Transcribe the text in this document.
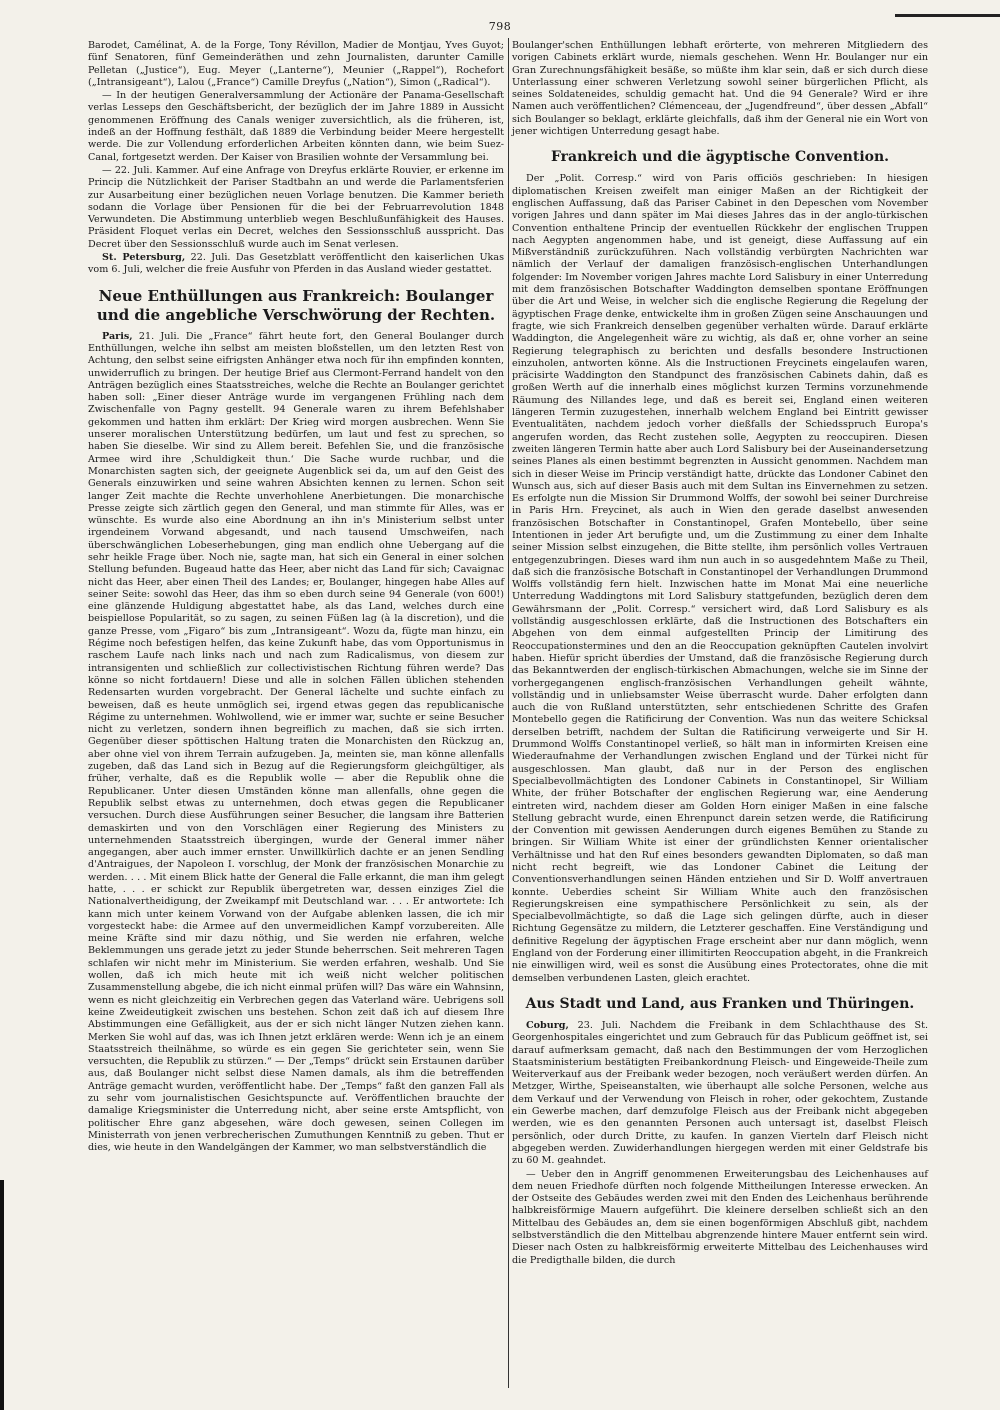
798

Barodet, Camélinat, A. de la Forge, Tony Révillon, Madier de Montjau, Yves Guyot; fünf Senatoren, fünf Gemeinderäthen und zehn Journalisten, darunter Camille Pelletan („Justice“), Eug. Meyer („Lanterne“), Meunier („Rappel“), Rochefort („Intransigeant“), Lalou („France“) Camille Dreyfus („Nation“), Simon („Radical“).

— In der heutigen Generalversammlung der Actionäre der Panama-Gesellschaft verlas Lesseps den Geschäftsbericht, der bezüglich der im Jahre 1889 in Aussicht genommenen Eröffnung des Canals weniger zuversichtlich, als die früheren, ist, indeß an der Hoffnung festhält, daß 1889 die Verbindung beider Meere hergestellt werde. Die zur Vollendung erforderlichen Arbeiten könnten dann, wie beim Suez-Canal, fortgesetzt werden. Der Kaiser von Brasilien wohnte der Versammlung bei.

— 22. Juli. Kammer. Auf eine Anfrage von Dreyfus erklärte Rouvier, er erkenne im Princip die Nützlichkeit der Pariser Stadtbahn an und werde die Parlamentsferien zur Ausarbeitung einer bezüglichen neuen Vorlage benutzen. Die Kammer berieth sodann die Vorlage über Pensionen für die bei der Februarrevolution 1848 Verwundeten. Die Abstimmung unterblieb wegen Beschlußunfähigkeit des Hauses. Präsident Floquet verlas ein Decret, welches den Sessionsschluß ausspricht. Das Decret über den Sessionsschluß wurde auch im Senat verlesen.

St. Petersburg, 22. Juli. Das Gesetzblatt veröffentlicht den kaiserlichen Ukas vom 6. Juli, welcher die freie Ausfuhr von Pferden in das Ausland wieder gestattet.

Neue Enthüllungen aus Frankreich: Boulanger und die angebliche Verschwörung der Rechten.

Paris, 21. Juli. Die „France“ fährt heute fort, den General Boulanger durch Enthüllungen, welche ihn selbst am meisten bloßstellen, um den letzten Rest von Achtung, den selbst seine eifrigsten Anhänger etwa noch für ihn empfinden konnten, unwiderruflich zu bringen. Der heutige Brief aus Clermont-Ferrand handelt von den Anträgen bezüglich eines Staatsstreiches, welche die Rechte an Boulanger gerichtet haben soll: „Einer dieser Anträge wurde im vergangenen Frühling nach dem Zwischenfalle von Pagny gestellt. 94 Generale waren zu ihrem Befehlshaber gekommen und hatten ihm erklärt: Der Krieg wird morgen ausbrechen. Wenn Sie unserer moralischen Unterstützung bedürfen, um laut und fest zu sprechen, so haben Sie dieselbe. Wir sind zu Allem bereit. Befehlen Sie, und die französische Armee wird ihre ‚Schuldigkeit thun.‘ Die Sache wurde ruchbar, und die Monarchisten sagten sich, der geeignete Augenblick sei da, um auf den Geist des Generals einzuwirken und seine wahren Absichten kennen zu lernen. Schon seit langer Zeit machte die Rechte unverhohlene Anerbietungen. Die monarchische Presse zeigte sich zärtlich gegen den General, und man stimmte für Alles, was er wünschte. Es wurde also eine Abordnung an ihn in's Ministerium selbst unter irgendeinem Vorwand abgesandt, und nach tausend Umschweifen, nach überschwänglichen Lobeserhebungen, ging man endlich ohne Uebergang auf die sehr heikle Frage über. Noch nie, sagte man, hat sich ein General in einer solchen Stellung befunden. Bugeaud hatte das Heer, aber nicht das Land für sich; Cavaignac nicht das Heer, aber einen Theil des Landes; er, Boulanger, hingegen habe Alles auf seiner Seite: sowohl das Heer, das ihm so eben durch seine 94 Generale (von 600!) eine glänzende Huldigung abgestattet habe, als das Land, welches durch eine beispiellose Popularität, so zu sagen, zu seinen Füßen lag (à la discretion), und die ganze Presse, vom „Figaro“ bis zum „Intransigeant“. Wozu da, fügte man hinzu, ein Régime noch befestigen helfen, das keine Zukunft habe, das vom Opportunismus in raschem Laufe nach links nach und nach zum Radicalismus, von diesem zur intransigenten und schließlich zur collectivistischen Richtung führen werde? Das könne so nicht fortdauern! Diese und alle in solchen Fällen üblichen stehenden Redensarten wurden vorgebracht. Der General lächelte und suchte einfach zu beweisen, daß es heute unmöglich sei, irgend etwas gegen das republicanische Régime zu unternehmen. Wohlwollend, wie er immer war, suchte er seine Besucher nicht zu verletzen, sondern ihnen begreiflich zu machen, daß sie sich irrten. Gegenüber dieser spöttischen Haltung traten die Monarchisten den Rückzug an, aber ohne viel von ihrem Terrain aufzugeben. Ja, meinten sie, man könne allenfalls zugeben, daß das Land sich in Bezug auf die Regierungsform gleichgültiger, als früher, verhalte, daß es die Republik wolle — aber die Republik ohne die Republicaner. Unter diesen Umständen könne man allenfalls, ohne gegen die Republik selbst etwas zu unternehmen, doch etwas gegen die Republicaner versuchen. Durch diese Ausführungen seiner Besucher, die langsam ihre Batterien demaskirten und von den Vorschlägen einer Regierung des Ministers zu unternehmenden Staatsstreich übergingen, wurde der General immer näher angegangen, aber auch immer ernster. Unwillkürlich dachte er an jenen Sendling d'Antraigues, der Napoleon I. vorschlug, der Monk der französischen Monarchie zu werden. . . . Mit einem Blick hatte der General die Falle erkannt, die man ihm gelegt hatte, . . . er schickt zur Republik übergetreten war, dessen einziges Ziel die Nationalvertheidigung, der Zweikampf mit Deutschland war. . . . Er antwortete: Ich kann mich unter keinem Vorwand von der Aufgabe ablenken lassen, die ich mir vorgesteckt habe: die Armee auf den unvermeidlichen Kampf vorzubereiten. Alle meine Kräfte sind mir dazu nöthig, und Sie werden nie erfahren, welche Beklemmungen uns gerade jetzt zu jeder Stunde beherrschen. Seit mehreren Tagen schlafen wir nicht mehr im Ministerium. Sie werden erfahren, weshalb. Und Sie wollen, daß ich mich heute mit ich weiß nicht welcher politischen Zusammenstellung abgebe, die ich nicht einmal prüfen will? Das wäre ein Wahnsinn, wenn es nicht gleichzeitig ein Verbrechen gegen das Vaterland wäre. Uebrigens soll keine Zweideutigkeit zwischen uns bestehen. Schon zeit daß ich auf diesem Ihre Abstimmungen eine Gefälligkeit, aus der er sich nicht länger Nutzen ziehen kann. Merken Sie wohl auf das, was ich Ihnen jetzt erklären werde: Wenn ich je an einem Staatsstreich theilnähme, so würde es ein gegen Sie gerichteter sein, wenn Sie versuchten, die Republik zu stürzen.“ — Der „Temps“ drückt sein Erstaunen darüber aus, daß Boulanger nicht selbst diese Namen damals, als ihm die betreffenden Anträge gemacht wurden, veröffentlicht habe. Der „Temps“ faßt den ganzen Fall als zu sehr vom journalistischen Gesichtspuncte auf. Veröffentlichen brauchte der damalige Kriegsminister die Unterredung nicht, aber seine erste Amtspflicht, von politischer Ehre ganz abgesehen, wäre doch gewesen, seinen Collegen im Ministerrath von jenen verbrecherischen Zumuthungen Kenntniß zu geben. Thut er dies, wie heute in den Wandelgängen der Kammer, wo man selbstverständlich die

Boulanger'schen Enthüllungen lebhaft erörterte, von mehreren Mitgliedern des vorigen Cabinets erklärt wurde, niemals geschehen. Wenn Hr. Boulanger nur ein Gran Zurechnungsfähigkeit besäße, so müßte ihm klar sein, daß er sich durch diese Unterlassung einer schweren Verletzung sowohl seiner bürgerlichen Pflicht, als seines Soldateneides, schuldig gemacht hat. Und die 94 Generale? Wird er ihre Namen auch veröffentlichen? Clémenceau, der „Jugendfreund“, über dessen „Abfall“ sich Boulanger so beklagt, erklärte gleichfalls, daß ihm der General nie ein Wort von jener wichtigen Unterredung gesagt habe.

Frankreich und die ägyptische Convention.

Der „Polit. Corresp.“ wird von Paris officiös geschrieben: In hiesigen diplomatischen Kreisen zweifelt man einiger Maßen an der Richtigkeit der englischen Auffassung, daß das Pariser Cabinet in den Depeschen vom November vorigen Jahres und dann später im Mai dieses Jahres das in der anglo-türkischen Convention enthaltene Princip der eventuellen Rückkehr der englischen Truppen nach Aegypten angenommen habe, und ist geneigt, diese Auffassung auf ein Mißverständniß zurückzuführen. Nach vollständig verbürgten Nachrichten war nämlich der Verlauf der damaligen französisch-englischen Unterhandlungen folgender: Im November vorigen Jahres machte Lord Salisbury in einer Unterredung mit dem französischen Botschafter Waddington demselben spontane Eröffnungen über die Art und Weise, in welcher sich die englische Regierung die Regelung der ägyptischen Frage denke, entwickelte ihm in großen Zügen seine Anschauungen und fragte, wie sich Frankreich denselben gegenüber verhalten würde. Darauf erklärte Waddington, die Angelegenheit wäre zu wichtig, als daß er, ohne vorher an seine Regierung telegraphisch zu berichten und desfalls besondere Instructionen einzuholen, antworten könne. Als die Instructionen Freycinets eingelaufen waren, präcisirte Waddington den Standpunct des französischen Cabinets dahin, daß es großen Werth auf die innerhalb eines möglichst kurzen Termins vorzunehmende Räumung des Nillandes lege, und daß es bereit sei, England einen weiteren längeren Termin zuzugestehen, innerhalb welchem England bei Eintritt gewisser Eventualitäten, nachdem jedoch vorher dießfalls der Schiedsspruch Europa's angerufen worden, das Recht zustehen solle, Aegypten zu reoccupiren. Diesen zweiten längeren Termin hatte aber auch Lord Salisbury bei der Auseinandersetzung seines Planes als einen bestimmt begrenzten in Aussicht genommen. Nachdem man sich in dieser Weise im Princip verständigt hatte, drückte das Londoner Cabinet den Wunsch aus, sich auf dieser Basis auch mit dem Sultan ins Einvernehmen zu setzen. Es erfolgte nun die Mission Sir Drummond Wolffs, der sowohl bei seiner Durchreise in Paris Hrn. Freycinet, als auch in Wien den gerade daselbst anwesenden französischen Botschafter in Constantinopel, Grafen Montebello, über seine Intentionen in jeder Art berufigte und, um die Zustimmung zu einer dem Inhalte seiner Mission selbst einzugehen, die Bitte stellte, ihm persönlich volles Vertrauen entgegenzubringen. Dieses ward ihm nun auch in so ausgedehntem Maße zu Theil, daß sich die französische Botschaft in Constantinopel der Verhandlungen Drummond Wolffs vollständig fern hielt. Inzwischen hatte im Monat Mai eine neuerliche Unterredung Waddingtons mit Lord Salisbury stattgefunden, bezüglich deren dem Gewährsmann der „Polit. Corresp.“ versichert wird, daß Lord Salisbury es als vollständig ausgeschlossen erklärte, daß die Instructionen des Botschafters ein Abgehen von dem einmal aufgestellten Princip der Limitirung des Reoccupationstermines und den an die Reoccupation geknüpften Cautelen involvirt haben. Hiefür spricht überdies der Umstand, daß die französische Regierung durch das Bekanntwerden der englisch-türkischen Abmachungen, welche sie im Sinne der vorhergegangenen englisch-französischen Verhandlungen geheilt wähnte, vollständig und in unliebsamster Weise überrascht wurde. Daher erfolgten dann auch die von Rußland unterstützten, sehr entschiedenen Schritte des Grafen Montebello gegen die Ratificirung der Convention. Was nun das weitere Schicksal derselben betrifft, nachdem der Sultan die Ratificirung verweigerte und Sir H. Drummond Wolffs Constantinopel verließ, so hält man in informirten Kreisen eine Wiederaufnahme der Verhandlungen zwischen England und der Türkei nicht für ausgeschlossen. Man glaubt, daß nur in der Person des englischen Specialbevollmächtigten des Londoner Cabinets in Constantinopel, Sir William White, der früher Botschafter der englischen Regierung war, eine Aenderung eintreten wird, nachdem dieser am Golden Horn einiger Maßen in eine falsche Stellung gebracht wurde, einen Ehrenpunct darein setzen werde, die Ratificirung der Convention mit gewissen Aenderungen durch eigenes Bemühen zu Stande zu bringen. Sir William White ist einer der gründlichsten Kenner orientalischer Verhältnisse und hat den Ruf eines besonders gewandten Diplomaten, so daß man nicht recht begreift, wie das Londoner Cabinet die Leitung der Conventionsverhandlungen seinen Händen entziehen und Sir D. Wolff anvertrauen konnte. Ueberdies scheint Sir William White auch den französischen Regierungskreisen eine sympathischere Persönlichkeit zu sein, als der Specialbevollmächtigte, so daß die Lage sich gelingen dürfte, auch in dieser Richtung Gegensätze zu mildern, die Letzterer geschaffen. Eine Verständigung und definitive Regelung der ägyptischen Frage erscheint aber nur dann möglich, wenn England von der Forderung einer illimitirten Reoccupation abgeht, in die Frankreich nie einwilligen wird, weil es sonst die Ausübung eines Protectorates, ohne die mit demselben verbundenen Lasten, gleich erachtet.

Aus Stadt und Land, aus Franken und Thüringen.

Coburg, 23. Juli. Nachdem die Freibank in dem Schlachthause des St. Georgenhospitales eingerichtet und zum Gebrauch für das Publicum geöffnet ist, sei darauf aufmerksam gemacht, daß nach den Bestimmungen der vom Herzoglichen Staatsministerium bestätigten Freibankordnung Fleisch- und Eingeweide-Theile zum Weiterverkauf aus der Freibank weder bezogen, noch veräußert werden dürfen. An Metzger, Wirthe, Speiseanstalten, wie überhaupt alle solche Personen, welche aus dem Verkauf und der Verwendung von Fleisch in roher, oder gekochtem, Zustande ein Gewerbe machen, darf demzufolge Fleisch aus der Freibank nicht abgegeben werden, wie es den genannten Personen auch untersagt ist, daselbst Fleisch persönlich, oder durch Dritte, zu kaufen. In ganzen Vierteln darf Fleisch nicht abgegeben werden. Zuwiderhandlungen hiergegen werden mit einer Geldstrafe bis zu 60 M. geahndet.

— Ueber den in Angriff genommenen Erweiterungsbau des Leichenhauses auf dem neuen Friedhofe dürften noch folgende Mittheilungen Interesse erwecken. An der Ostseite des Gebäudes werden zwei mit den Enden des Leichenhaus berührende halbkreisförmige Mauern aufgeführt. Die kleinere derselben schließt sich an den Mittelbau des Gebäudes an, dem sie einen bogenförmigen Abschluß gibt, nachdem selbstverständlich die den Mittelbau abgrenzende hintere Mauer entfernt sein wird. Dieser nach Osten zu halbkreisförmig erweiterte Mittelbau des Leichenhauses wird die Predigthalle bilden, die durch
